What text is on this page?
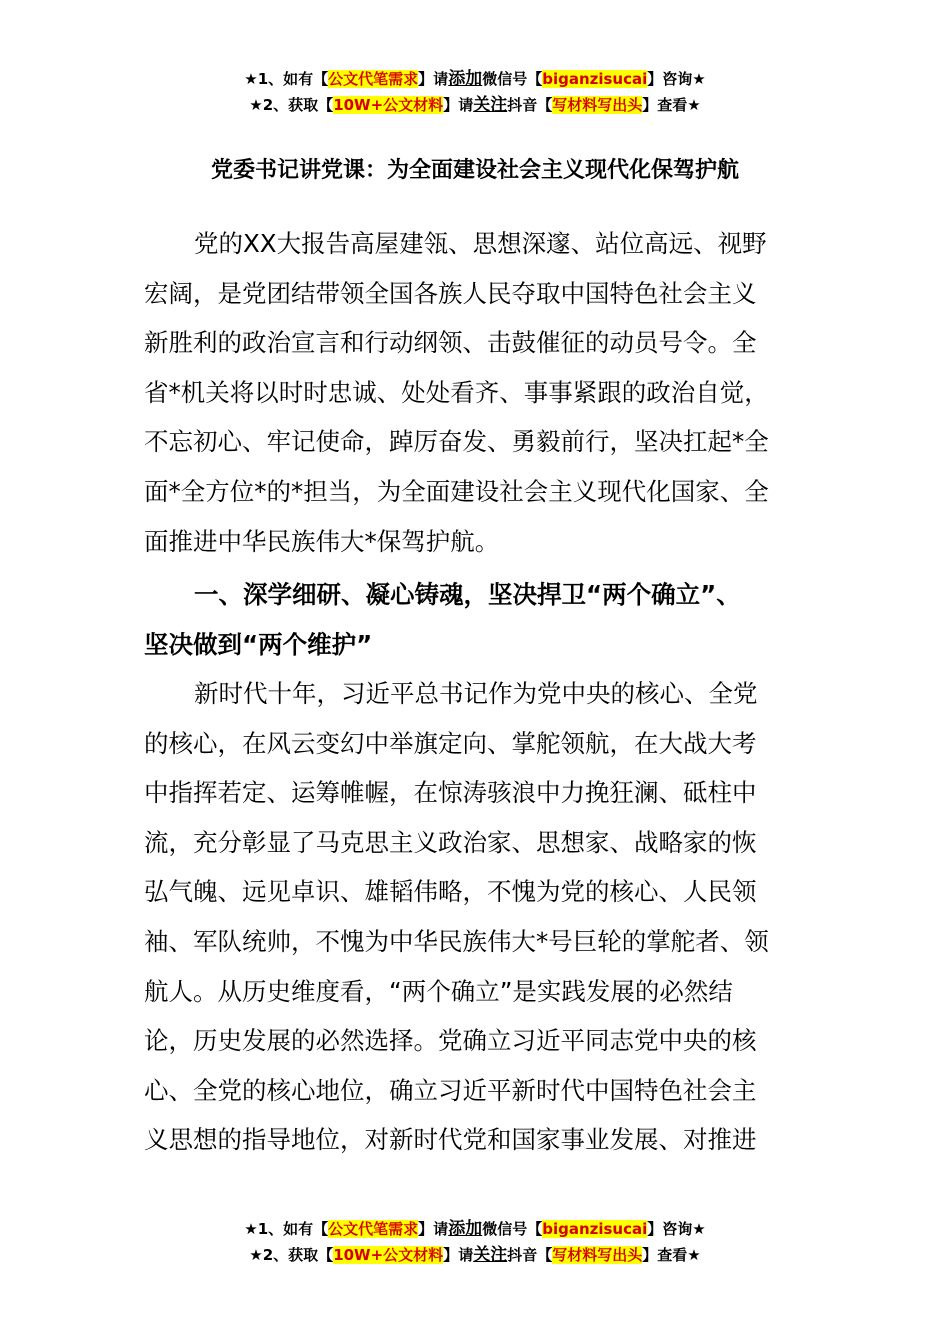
★1、如有【公文代笔需求】请添加微信号【biganzisucai】咨询★
★2、获取【10W+公文材料】请关注抖音【写材料写出头】查看★
党委书记讲党课：为全面建设社会主义现代化保驾护航
党的XX大报告高屋建瓴、思想深邃、站位高远、视野
宏阔，是党团结带领全国各族人民夺取中国特色社会主义
新胜利的政治宣言和行动纲领、击鼓催征的动员号令。全
省*机关将以时时忠诚、处处看齐、事事紧跟的政治自觉，
不忘初心、牢记使命，踔厉奋发、勇毅前行，坚决扛起*全
面*全方位*的*担当，为全面建设社会主义现代化国家、全
面推进中华民族伟大*保驾护航。
一、深学细研、凝心铸魂，坚决捍卫“两个确立”、
坚决做到“两个维护”
新时代十年，习近平总书记作为党中央的核心、全党
的核心，在风云变幻中举旗定向、掌舵领航，在大战大考
中指挥若定、运筹帷幄，在惊涛骇浪中力挽狂澜、砥柱中
流，充分彰显了马克思主义政治家、思想家、战略家的恢
弘气魄、远见卓识、雄韬伟略，不愧为党的核心、人民领
袖、军队统帅，不愧为中华民族伟大*号巨轮的掌舵者、领
航人。从历史维度看，“两个确立”是实践发展的必然结
论，历史发展的必然选择。党确立习近平同志党中央的核
心、全党的核心地位，确立习近平新时代中国特色社会主
义思想的指导地位，对新时代党和国家事业发展、对推进
★1、如有【公文代笔需求】请添加微信号【biganzisucai】咨询★
★2、获取【10W+公文材料】请关注抖音【写材料写出头】查看★
